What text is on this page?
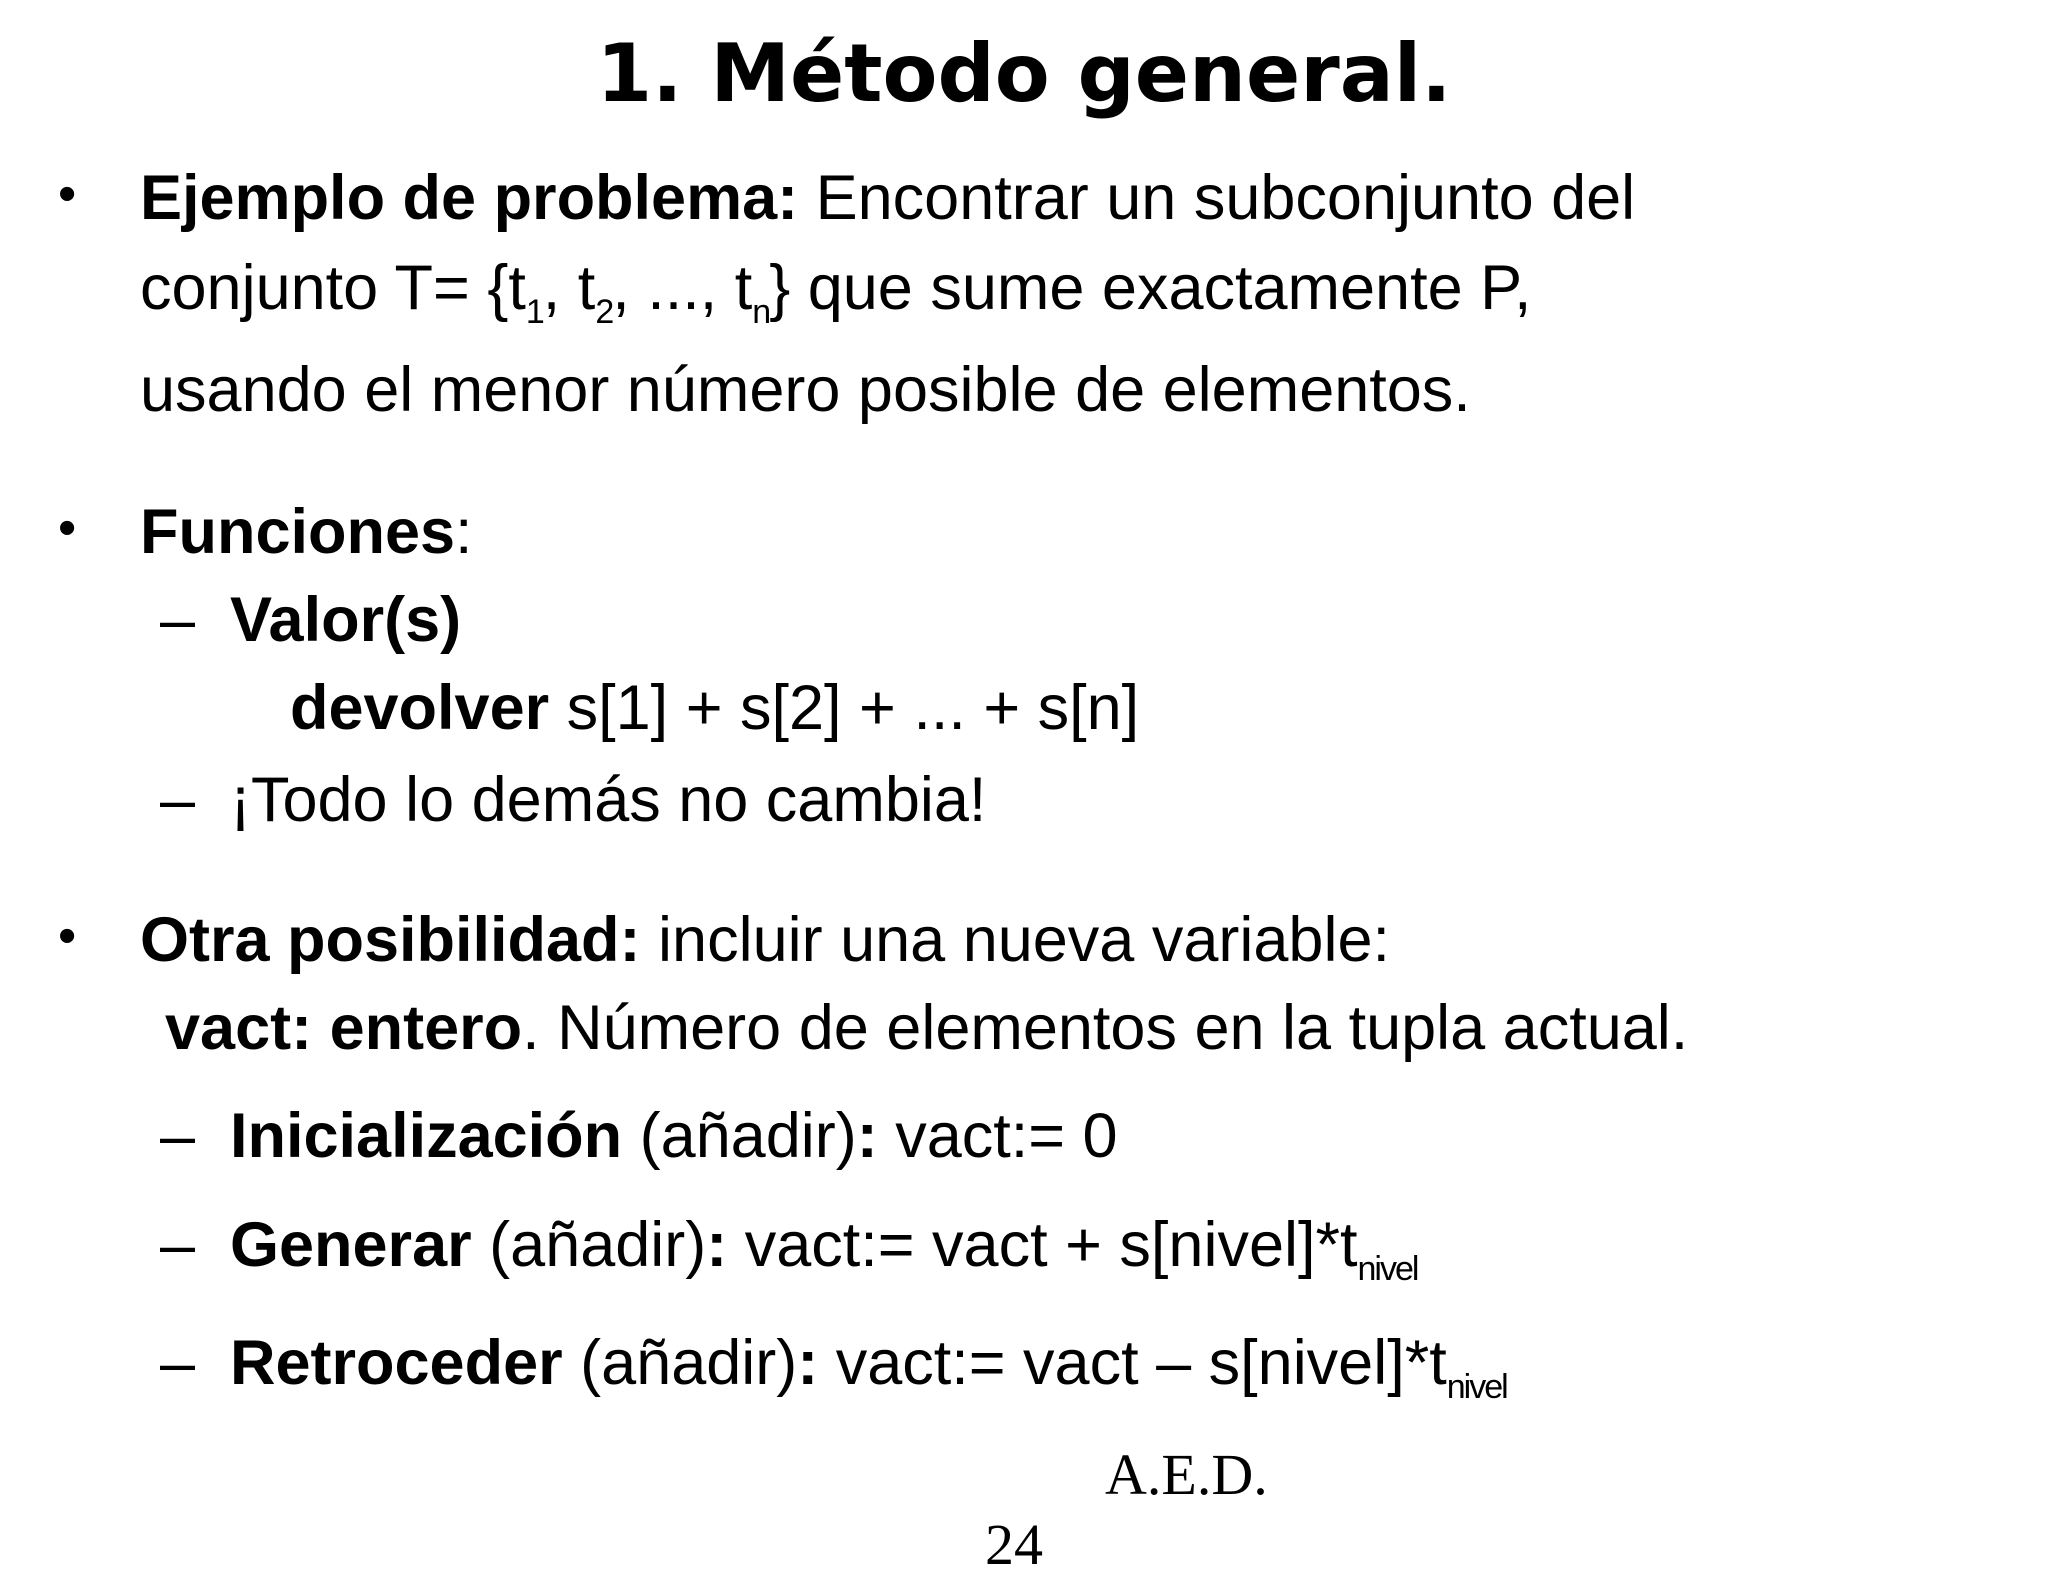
1. Método general.
• Ejemplo de problema: Encontrar un subconjunto del
conjunto $T= \{t_1$, $t_2$, ..., $t_n$} que sume exactamente P,
usando el menor número posible de elementos.
• Funciones:
– Valor(s)
devolver s[1] + s[2] + ... + s[n]
– ¡Todo lo demás no cambia!
• Otra posibilidad: incluir una nueva variable:
vact: entero. Número de elementos en la tupla actual.
– Inicialización (añadir): vact:= 0
– Generar (añadir): vact:= vact + $s[nivel]*t_{nivel}$
– Retroceder (añadir): vact:= vact – $s[nivel]*t_{nivel}$
A.E.D.
24
